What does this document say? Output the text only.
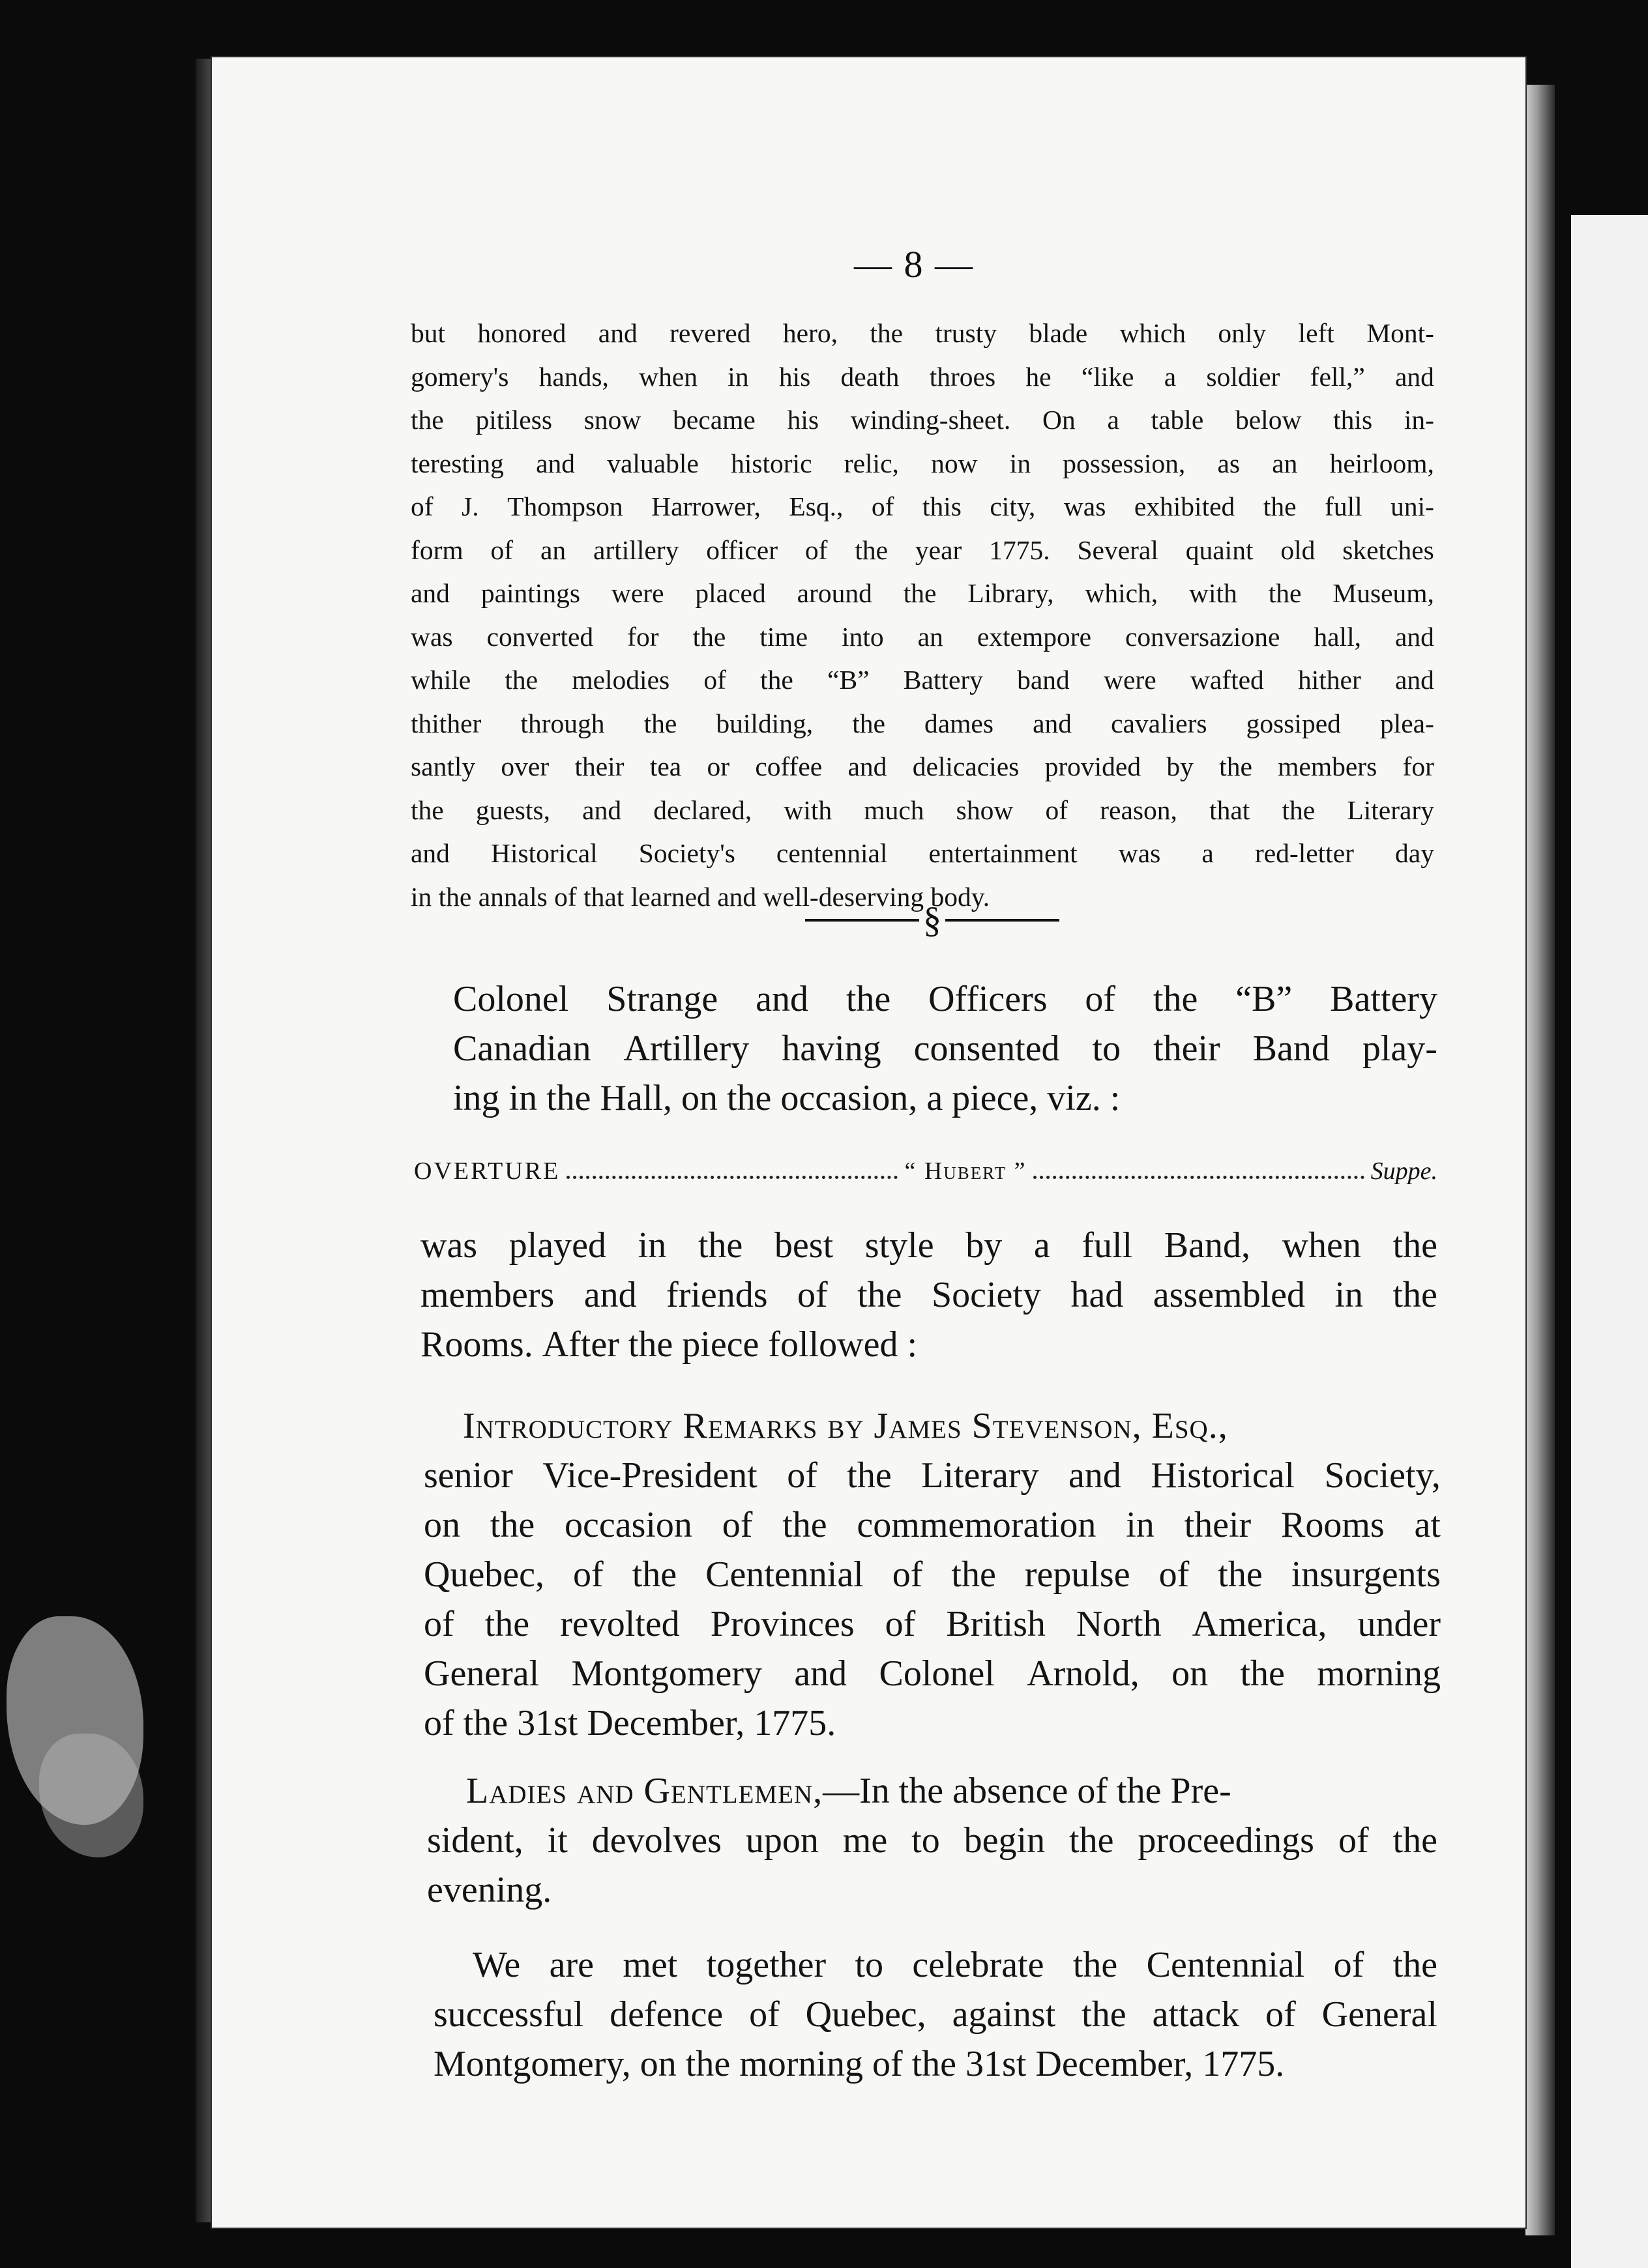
— 8 —
but honored and revered hero, the trusty blade which only left Mont-
gomery's hands, when in his death throes he “like a soldier fell,” and
the pitiless snow became his winding-sheet. On a table below this in-
teresting and valuable historic relic, now in possession, as an heirloom,
of J. Thompson Harrower, Esq., of this city, was exhibited the full uni-
form of an artillery officer of the year 1775. Several quaint old sketches
and paintings were placed around the Library, which, with the Museum,
was converted for the time into an extempore conversazione hall, and
while the melodies of the “B” Battery band were wafted hither and
thither through the building, the dames and cavaliers gossiped plea-
santly over their tea or coffee and delicacies provided by the members for
the guests, and declared, with much show of reason, that the Literary
and Historical Society's centennial entertainment was a red-letter day
in the annals of that learned and well-deserving body.
§
Colonel Strange and the Officers of the “B” Battery
Canadian Artillery having consented to their Band play-
ing in the Hall, on the occasion, a piece, viz. :
OVERTURE	“ Hubert ”	Suppe.
was played in the best style by a full Band, when the
members and friends of the Society had assembled in the
Rooms. After the piece followed :
Introductory Remarks by James Stevenson, Esq.,
senior Vice-President of the Literary and Historical Society,
on the occasion of the commemoration in their Rooms at
Quebec, of the Centennial of the repulse of the insurgents
of the revolted Provinces of British North America, under
General Montgomery and Colonel Arnold, on the morning
of the 31st December, 1775.
Ladies and Gentlemen, —In the absence of the Pre-
sident, it devolves upon me to begin the proceedings of the
evening.
We are met together to celebrate the Centennial of the
successful defence of Quebec, against the attack of General
Montgomery, on the morning of the 31st December, 1775.
